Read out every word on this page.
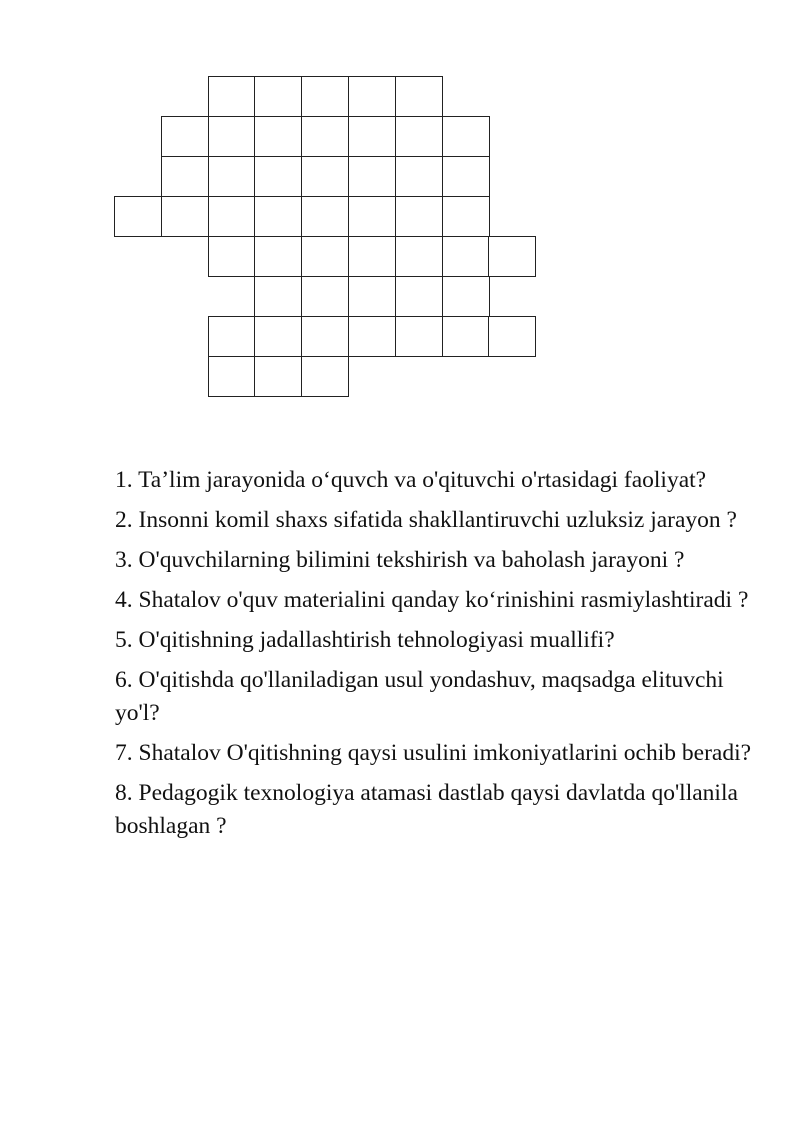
1. Ta’lim jarayonida o‘quvch va o'qituvchi o'rtasidagi faoliyat?

2. Insonni komil shaxs sifatida shakllantiruvchi uzluksiz jarayon ?

3. O'quvchilarning bilimini tekshirish va baholash jarayoni ?

4. Shatalov o'quv materialini qanday ko‘rinishini rasmiylashtiradi ?

5. O'qitishning jadallashtirish tehnologiyasi muallifi?

6. O'qitishda qo'llaniladigan usul yondashuv, maqsadga elituvchi yo'l?

7. Shatalov O'qitishning qaysi usulini imkoniyatlarini ochib beradi?

8. Pedagogik texnologiya atamasi dastlab qaysi davlatda qo'llanila boshlagan ?
